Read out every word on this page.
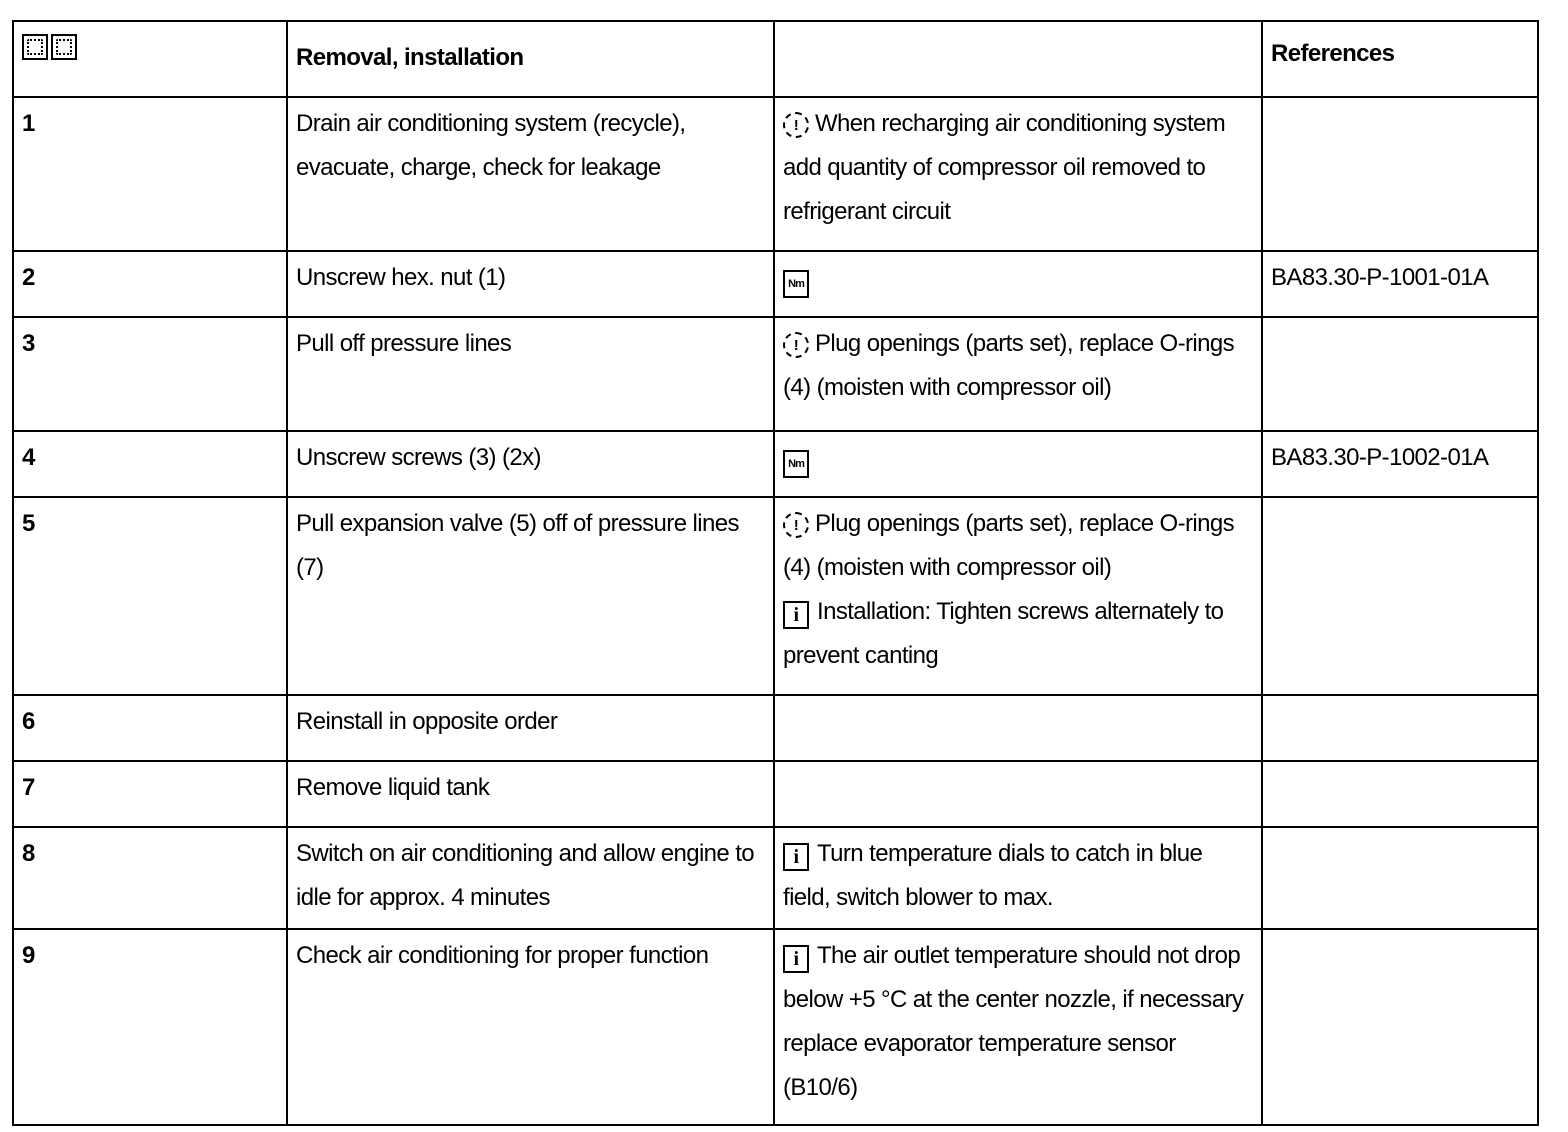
	Removal, installation		References
1	Drain air conditioning system (recycle), evacuate, charge, check for leakage	! When recharging air conditioning system add quantity of compressor oil removed to refrigerant circuit	
2	Unscrew hex. nut (1)	Nm	BA83.30-P-1001-01A
3	Pull off pressure lines	! Plug openings (parts set), replace O-rings (4) (moisten with compressor oil)	
4	Unscrew screws (3) (2x)	Nm	BA83.30-P-1002-01A
5	Pull expansion valve (5) off of pressure lines (7)	! Plug openings (parts set), replace O-rings (4) (moisten with compressor oil)
i Installation: Tighten screws alternately to prevent canting	
6	Reinstall in opposite order		
7	Remove liquid tank		
8	Switch on air conditioning and allow engine to idle for approx. 4 minutes	i Turn temperature dials to catch in blue field, switch blower to max.	
9	Check air conditioning for proper function	i The air outlet temperature should not drop below +5 °C at the center nozzle, if necessary replace evaporator temperature sensor (B10/6)	
